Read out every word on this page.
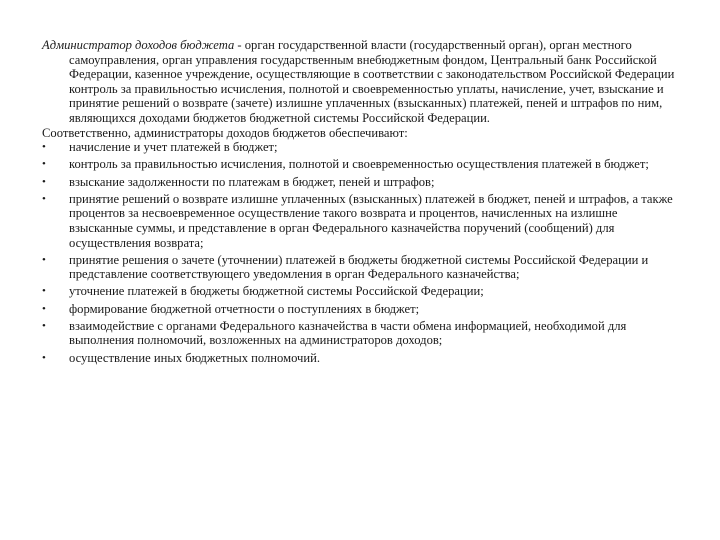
Администратор доходов бюджета - орган государственной власти (государственный орган), орган местного самоуправления, орган управления государственным внебюджетным фондом, Центральный банк Российской Федерации, казенное учреждение, осуществляющие в соответствии с законодательством Российской Федерации контроль за правильностью исчисления, полнотой и своевременностью уплаты, начисление, учет, взыскание и принятие решений о возврате (зачете) излишне уплаченных (взысканных) платежей, пеней и штрафов по ним, являющихся доходами бюджетов бюджетной системы Российской Федерации.

Соответственно, администраторы доходов бюджетов обеспечивают:

•	начисление и учет платежей в бюджет;
•	контроль за правильностью исчисления, полнотой и своевременностью осуществления платежей в бюджет;
•	взыскание задолженности по платежам в бюджет, пеней и штрафов;
•	принятие решений о возврате излишне уплаченных (взысканных) платежей в бюджет, пеней и штрафов, а также процентов за несвоевременное осуществление такого возврата и процентов, начисленных на излишне взысканные суммы, и представление в орган Федерального казначейства поручений (сообщений) для осуществления возврата;
•	принятие решения о зачете (уточнении) платежей в бюджеты бюджетной системы Российской Федерации и представление соответствующего уведомления в орган Федерального казначейства;
•	уточнение платежей в бюджеты бюджетной системы Российской Федерации;
•	формирование бюджетной отчетности о поступлениях в бюджет;
•	взаимодействие с органами Федерального казначейства в части обмена информацией, необходимой для выполнения полномочий, возложенных на администраторов доходов;
•	осуществление иных бюджетных полномочий.
